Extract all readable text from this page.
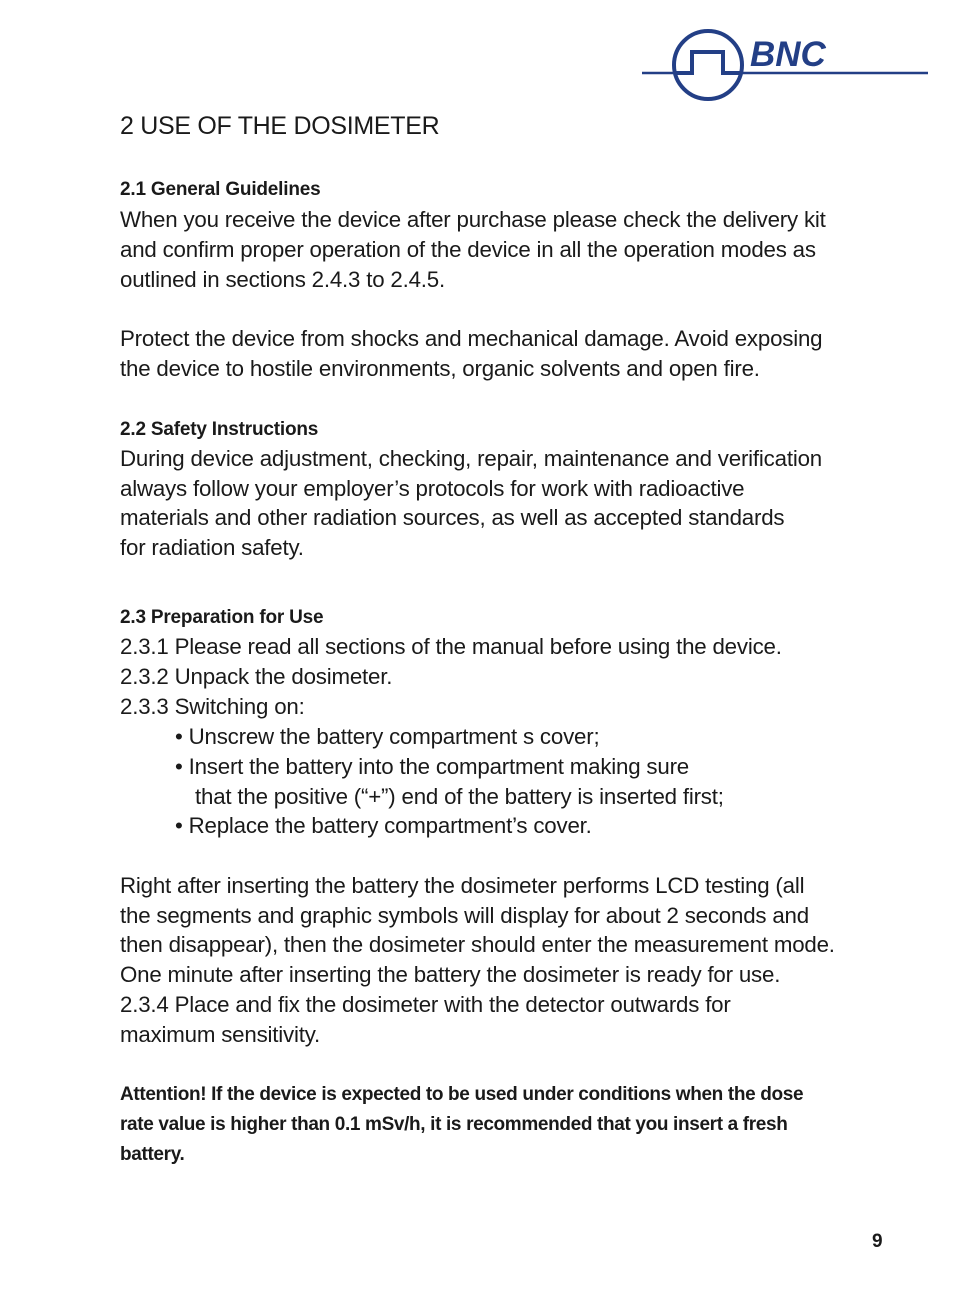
BNC
2 USE OF THE DOSIMETER
2.1 General Guidelines
When you receive the device after purchase please check the delivery kit
and confirm proper operation of the device in all the operation modes as
outlined in sections 2.4.3 to 2.4.5.
Protect the device from shocks and mechanical damage. Avoid exposing
the device to hostile environments, organic solvents and open fire.
2.2 Safety Instructions
During device adjustment, checking, repair, maintenance and verification
always follow your employer’s protocols for work with radioactive
materials and other radiation sources, as well as accepted standards
for radiation safety.
2.3 Preparation for Use
2.3.1 Please read all sections of the manual before using the device.
2.3.2 Unpack the dosimeter.
2.3.3 Switching on:
• Unscrew the battery compartment s cover;
• Insert the battery into the compartment making sure
that the positive (“+”) end of the battery is inserted first;
• Replace the battery compartment’s cover.
Right after inserting the battery the dosimeter performs LCD testing (all
the segments and graphic symbols will display for about 2 seconds and
then disappear), then the dosimeter should enter the measurement mode.
One minute after inserting the battery the dosimeter is ready for use.
2.3.4 Place and fix the dosimeter with the detector outwards for
maximum sensitivity.
Attention! If the device is expected to be used under conditions when the dose
rate value is higher than 0.1 mSv/h, it is recommended that you insert a fresh
battery.
9
